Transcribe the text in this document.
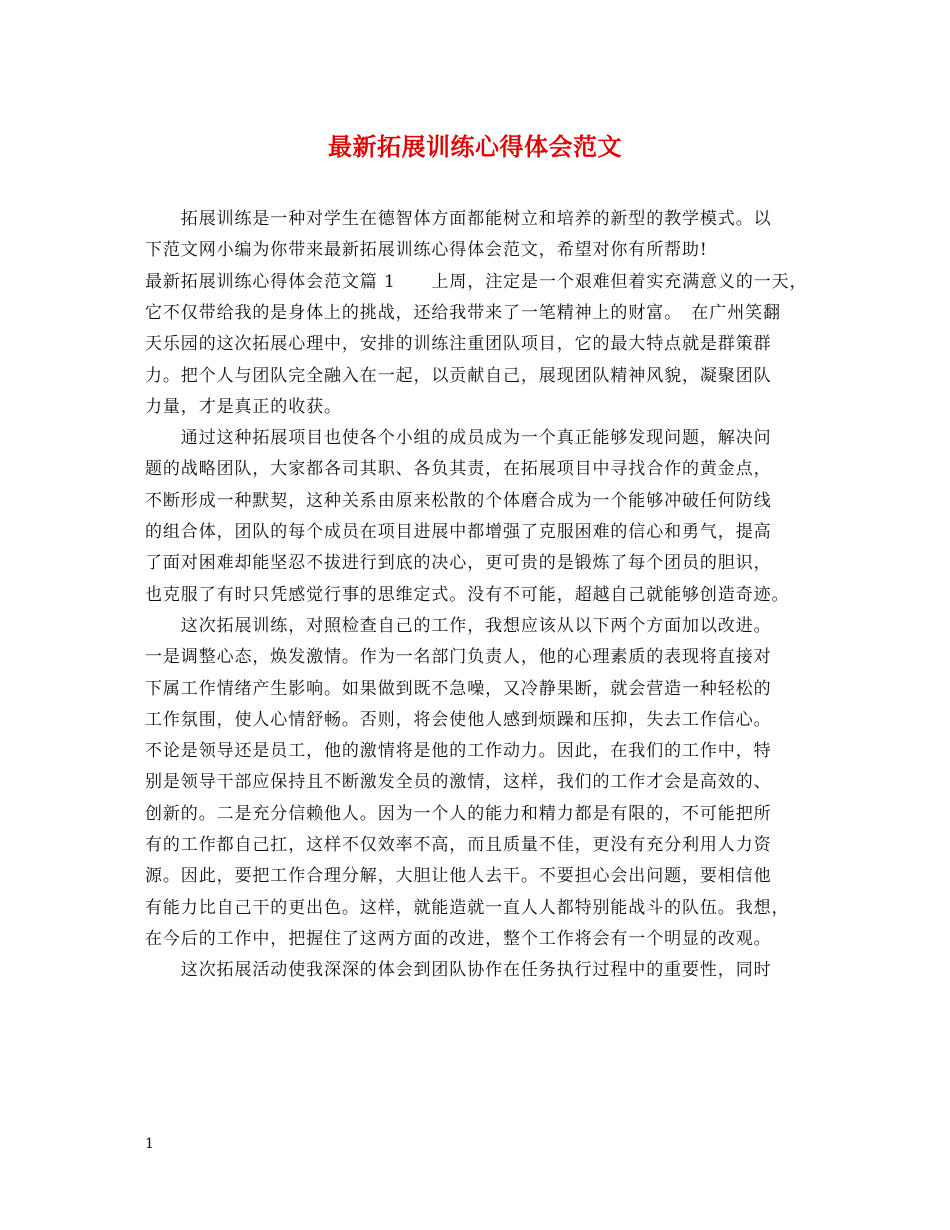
最新拓展训练心得体会范文
　　拓展训练是一种对学生在德智体方面都能树立和培养的新型的教学模式。以
下范文网小编为你带来最新拓展训练心得体会范文，希望对你有所帮助!
最新拓展训练心得体会范文篇 1　　上周，注定是一个艰难但着实充满意义的一天，
它不仅带给我的是身体上的挑战，还给我带来了一笔精神上的财富。　在广州笑翻
天乐园的这次拓展心理中，安排的训练注重团队项目，它的最大特点就是群策群
力。把个人与团队完全融入在一起，以贡献自己，展现团队精神风貌，凝聚团队
力量，才是真正的收获。
　　通过这种拓展项目也使各个小组的成员成为一个真正能够发现问题，解决问
题的战略团队，大家都各司其职、各负其责，在拓展项目中寻找合作的黄金点，
不断形成一种默契，这种关系由原来松散的个体磨合成为一个能够冲破任何防线
的组合体，团队的每个成员在项目进展中都增强了克服困难的信心和勇气，提高
了面对困难却能坚忍不拔进行到底的决心，更可贵的是锻炼了每个团员的胆识，
也克服了有时只凭感觉行事的思维定式。没有不可能，超越自己就能够创造奇迹。
　　这次拓展训练，对照检查自己的工作，我想应该从以下两个方面加以改进。
一是调整心态，焕发激情。作为一名部门负责人，他的心理素质的表现将直接对
下属工作情绪产生影响。如果做到既不急噪，又冷静果断，就会营造一种轻松的
工作氛围，使人心情舒畅。否则，将会使他人感到烦躁和压抑，失去工作信心。
不论是领导还是员工，他的激情将是他的工作动力。因此，在我们的工作中，特
别是领导干部应保持且不断激发全员的激情，这样，我们的工作才会是高效的、
创新的。二是充分信赖他人。因为一个人的能力和精力都是有限的，不可能把所
有的工作都自己扛，这样不仅效率不高，而且质量不佳，更没有充分利用人力资
源。因此，要把工作合理分解，大胆让他人去干。不要担心会出问题，要相信他
有能力比自己干的更出色。这样，就能造就一直人人都特别能战斗的队伍。我想，
在今后的工作中，把握住了这两方面的改进，整个工作将会有一个明显的改观。
　　这次拓展活动使我深深的体会到团队协作在任务执行过程中的重要性，同时
1
